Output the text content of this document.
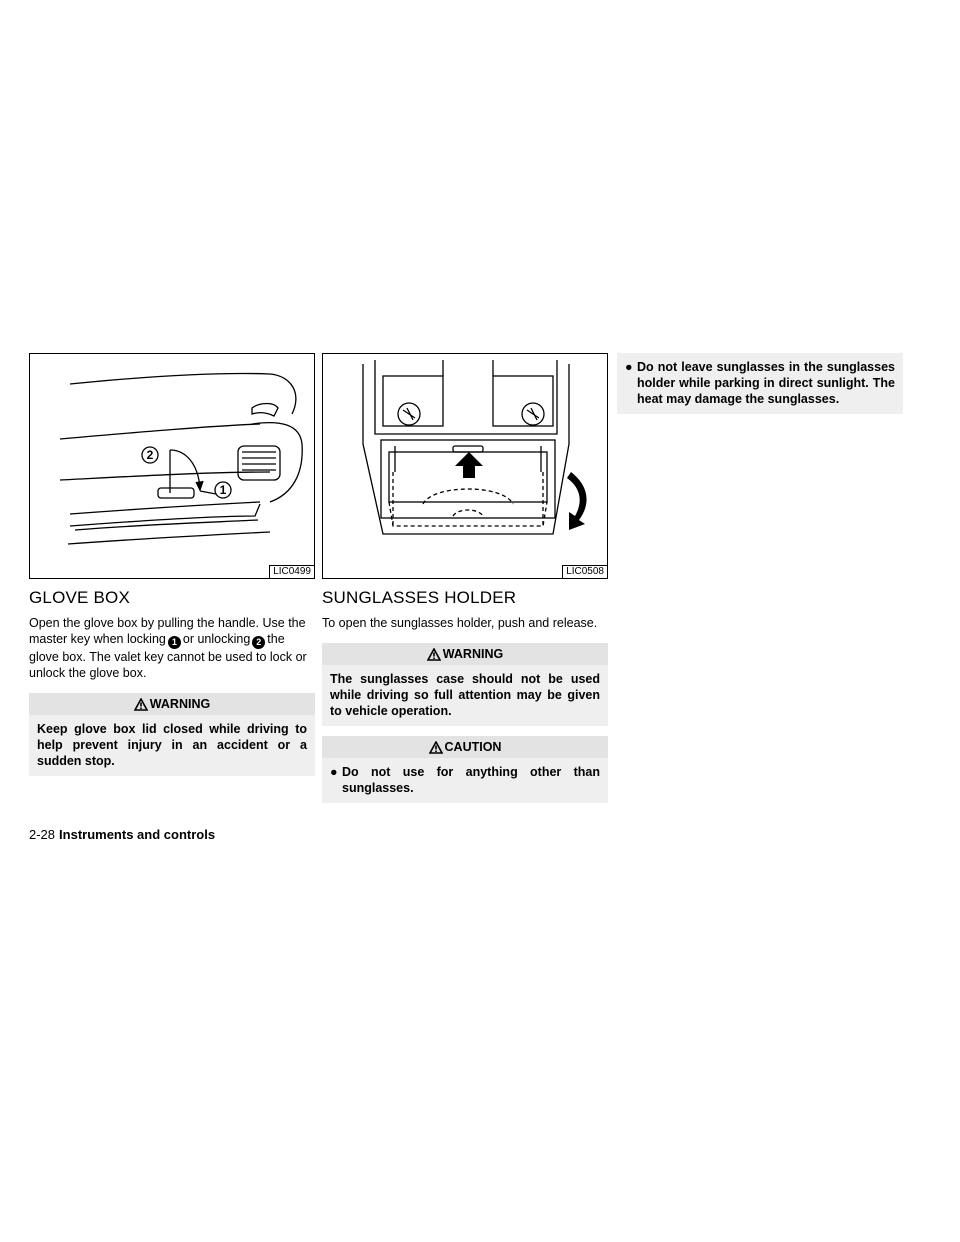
2
1
LIC0499
GLOVE BOX

Open the glove box by pulling the handle. Use the master key when locking 1 or unlocking 2 the glove box. The valet key cannot be used to lock or unlock the glove box.

WARNING
Keep glove box lid closed while driving to help prevent injury in an accident or a sudden stop.
LIC0508
SUNGLASSES HOLDER

To open the sunglasses holder, push and release.

WARNING
The sunglasses case should not be used while driving so full attention may be given to vehicle operation.
CAUTION
● Do not use for anything other than sunglasses.
● Do not leave sunglasses in the sunglasses holder while parking in direct sunlight. The heat may damage the sunglasses.
2-28 Instruments and controls
